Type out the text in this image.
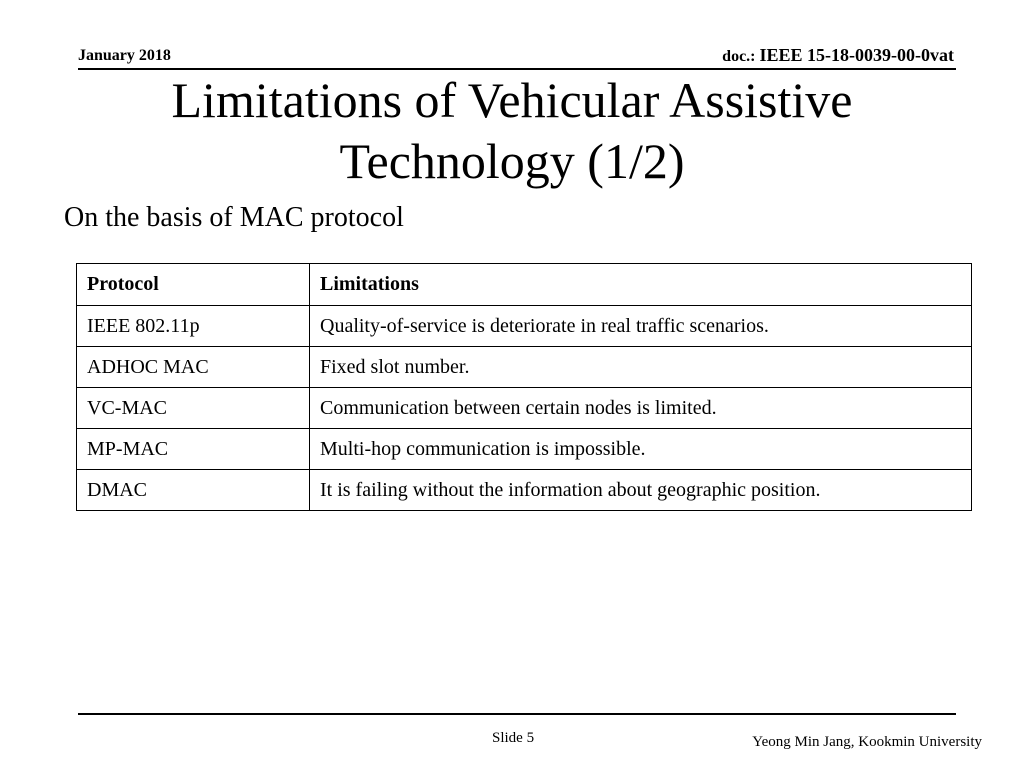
January 2018	doc.: IEEE 15-18-0039-00-0vat
Limitations of Vehicular Assistive
Technology (1/2)
On the basis of MAC protocol
Protocol	Limitations
IEEE 802.11p	Quality-of-service is deteriorate in real traffic scenarios.
ADHOC MAC	Fixed slot number.
VC-MAC	Communication between certain nodes is limited.
MP-MAC	Multi-hop communication is impossible.
DMAC	It is failing without the information about geographic position.
Slide 5	Yeong Min Jang, Kookmin University
